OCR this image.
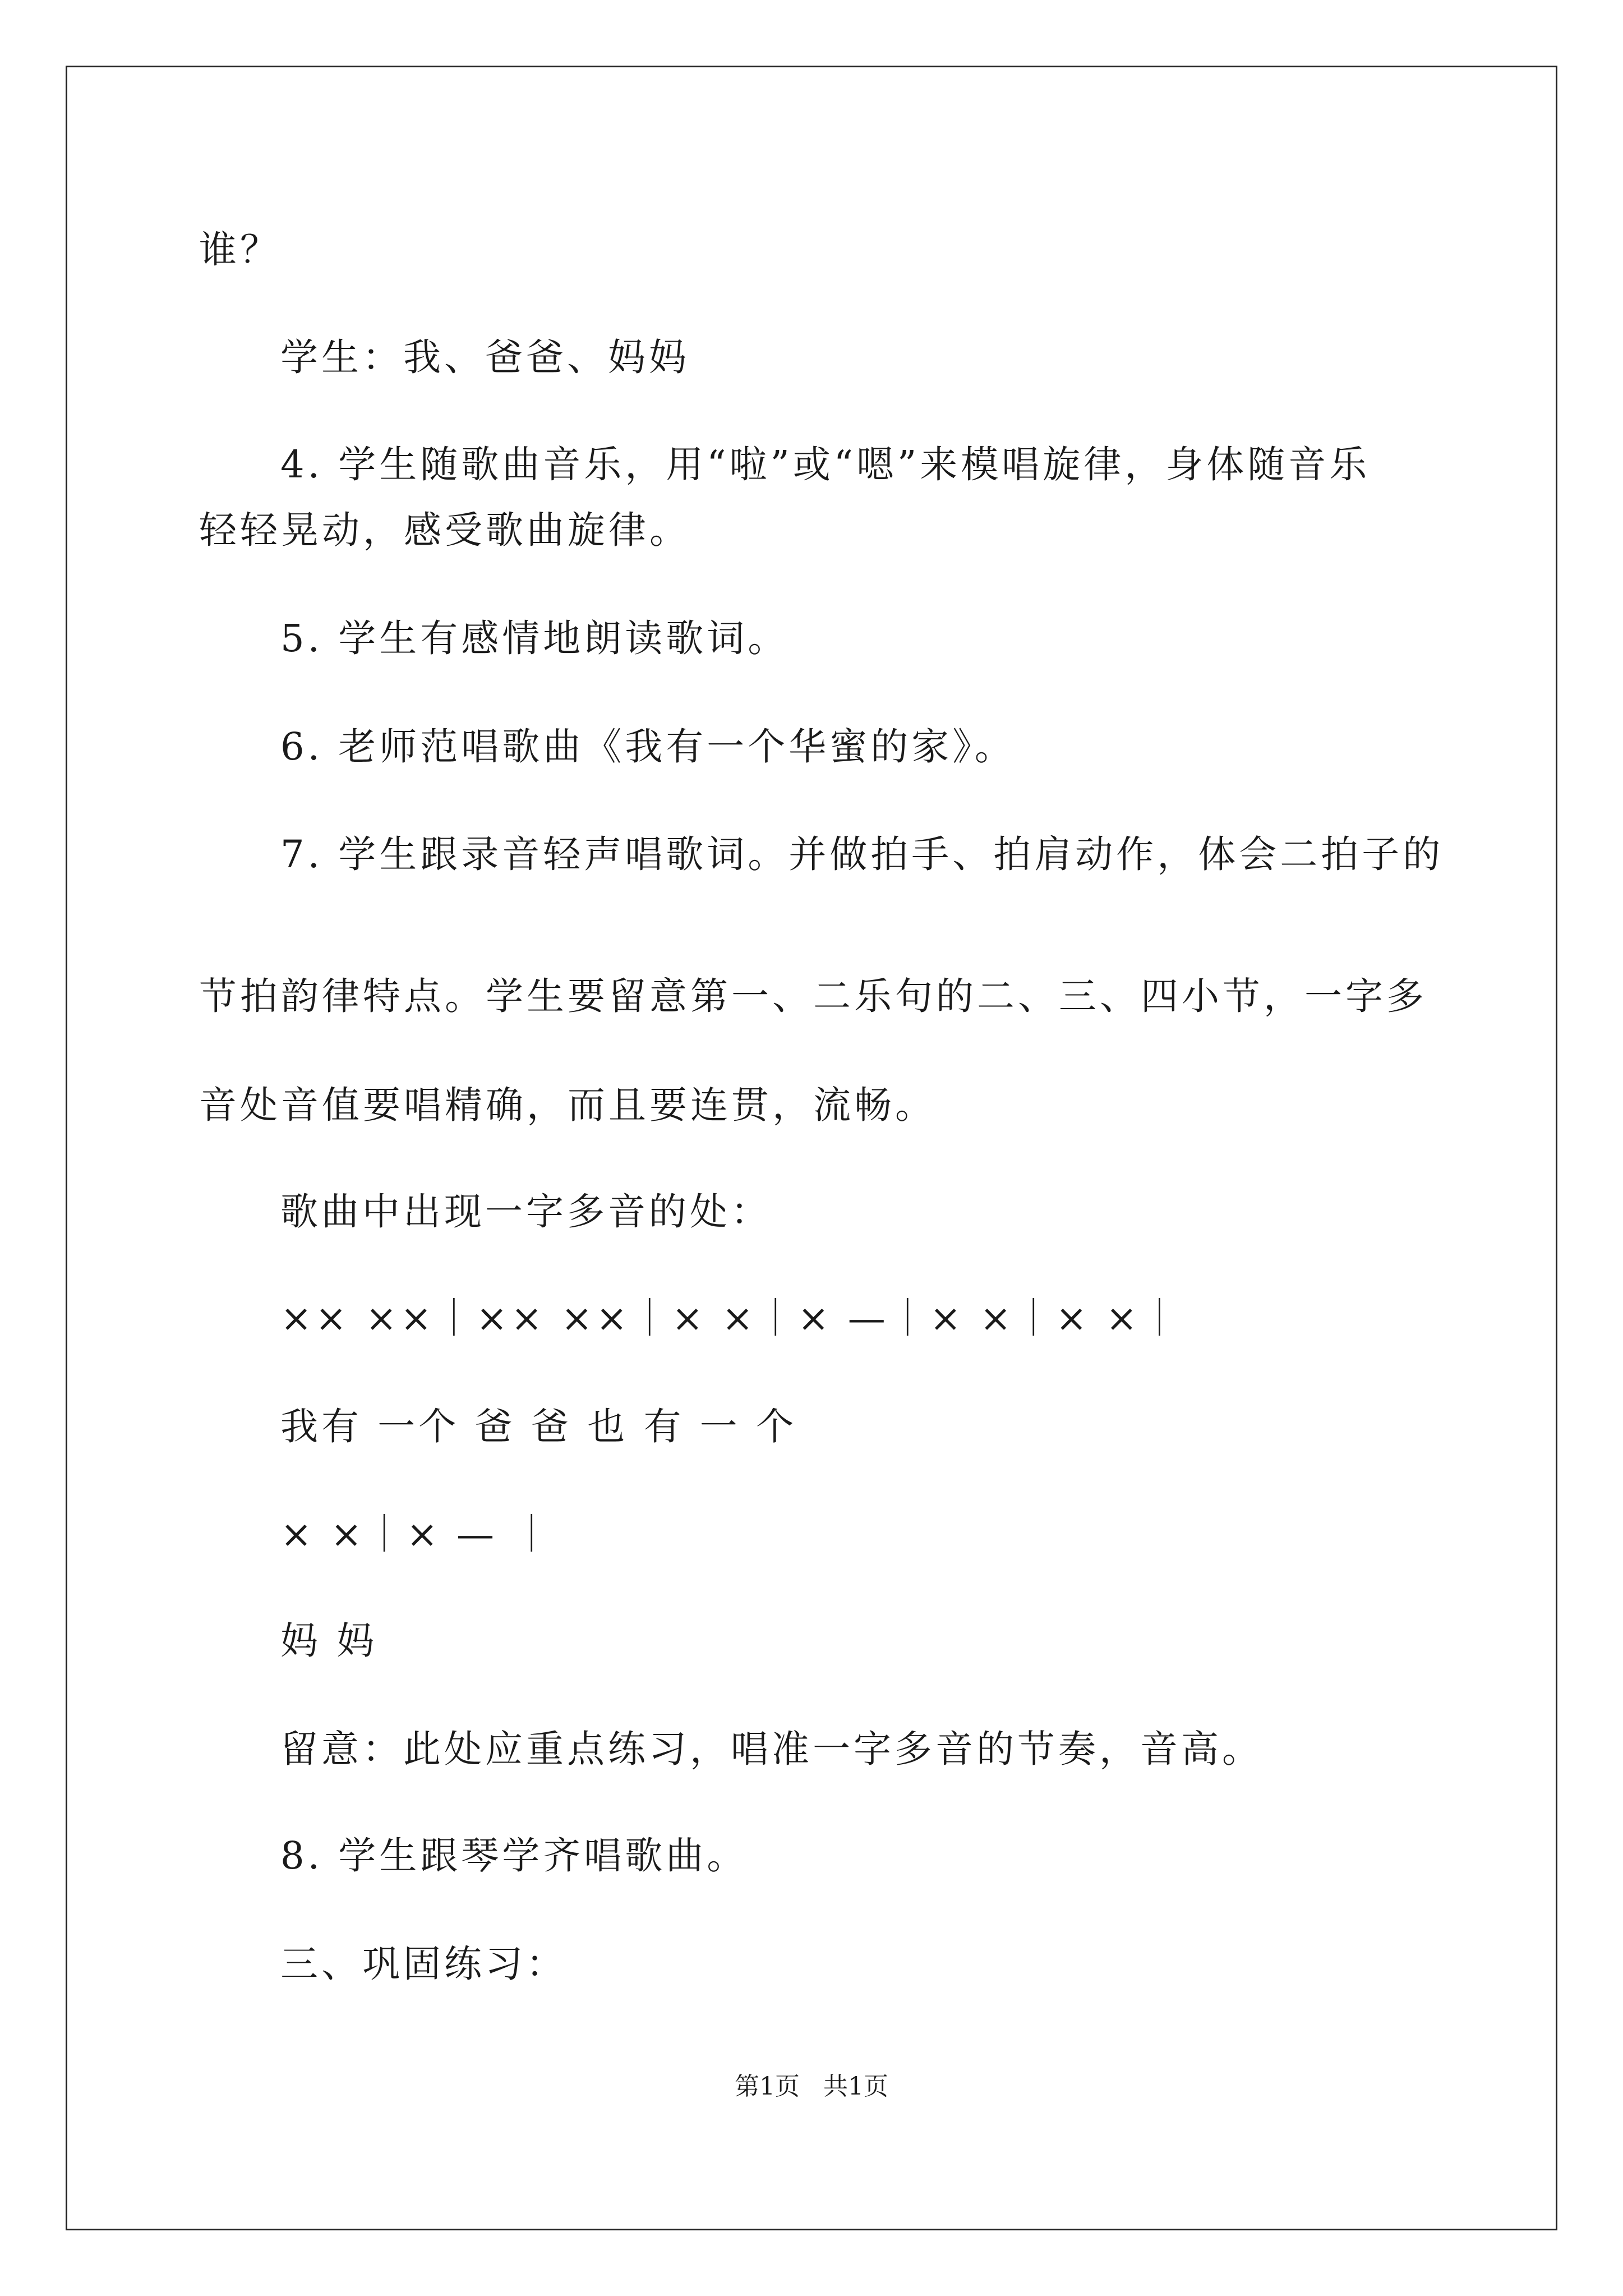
谁？
学生：我、爸爸、妈妈
4. 学生随歌曲音乐，用“啦”或“嗯”来模唱旋律，身体随音乐
轻轻晃动，感受歌曲旋律。
5. 学生有感情地朗读歌词。
6. 老师范唱歌曲《我有一个华蜜的家》。
7. 学生跟录音轻声唱歌词。并做拍手、拍肩动作，体会二拍子的
节拍韵律特点。学生要留意第一、二乐句的二、三、四小节，一字多
音处音值要唱精确，而且要连贯，流畅。
歌曲中出现一字多音的处：
×× ××｜×× ××｜× ×｜× —｜× ×｜× ×｜
我有 一个 爸 爸 也 有 一 个
× ×｜× — ｜
妈 妈
留意：此处应重点练习，唱准一字多音的节奏，音高。
8. 学生跟琴学齐唱歌曲。
三、巩固练习：
第1页   共1页
